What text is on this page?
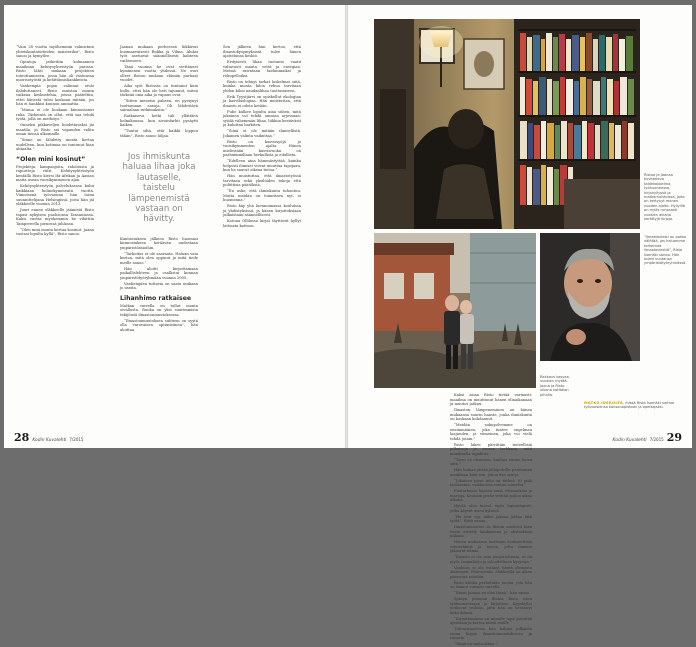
“Vain 28 vuotta myöhemmin valmistuin yhteiskuntatieteiden maisteriksi”, Risto sanoo ja hymyilee.

Opintoja jatkettiin kolmannen maailman kehitysyhteistyön parissa. Risto lähti mukaan projektien toteuttamiseen, jossa hän oli vastuussa nuorisotyöstä ja kehittämishankkeista.

Vanhempia pojan valinnat eivät ilahduttaneet. Risto muistaa monta vaikeaa keskustelua, joissa pääteltiin, ettei hänestä tulisi koskaan mitään, jos hän ei hankkisi kunnon ammattia.

“Minua ei ole koskaan kiinnostanut raha. Tärkeintä on ollut, että saa tehdä työtä, jolla on merkitys.”

Onneksi pikkuveljen hoidettavaksi jäi maatila, ja Risto sai vapauden valita oman tiensä ulkomaille.

“Sinne on lähdetty monta kertaa uudelleen, kun kotimaa on tuntunut liian ahtaalta.”

“Olen mini kosinut”

Projekteja, kampanjoita, rahoitusta ja raportteja riitti. Kehitysyhteistyön kentällä Risto kiersi Itä-Afrikan ja Aasian maita usean vuosikymmenen ajan.

Kehitysyhteistyön palveluksessa kului kaikkiaan kolmekymmentä vuotta. Viimeisenä työvuonna hän toimi suunnittelijana Helsingissä, josta hän jäi eläkkeelle vuonna 2013.

Juuri ennen eläkkeelle jäämistä Risto tapasi nykyisen puolisonsa Tansaniassa. Kaksi vuotta myöhemmin he vihittiin Tampereella pienessä juhlassa.

“Olen mini monta kertaa kosinut. Jaana vastasi lopulta kyllä”, Risto sanoo.

Jaanan mukaan perheessä liikkuvat huomaavaisesti Rukka ja Vilma. Aluksi työt asetuivat säännöllisesti kahteen vaiheeseen.

Tänä vuonna he ovat viettäneet kymmenen vuotta yhdessä. Ne ovat olleet Riston mukaan elämän parhaat vuodet.

Aika syöt Ristosta on tuntunut kuin hullu, ettei hän ole heti tajunnut, miten tärkeää oma aika ja vapaus ovat.

“Sitten menetin puheen, en pystynyt tuottamaan sanoja. Oli lähdettävä sairaalaan tutkimuksiin.”

Ratkaiseva hetki tuli yllättäen helmikuussa, kun aivoinfarkti pysäytti kaiken.

“Tuntui siltä, että kaikki loppuu tähän”, Risto sanoo hiljaa.

Jos ihmiskunta haluaa lihaa joka lautaselle, taistelu lämpenemistä vastaan on hävitty.

Kuntoutuksen jälkeen Risto huomasi kiinnostuksen heräävän uudestaan ympäristöasioihin.

“Tarkoitus ei ole saarnata. Haluan vain kertoa, mitä olen oppinut ja mitä tiede meille sanoo.”

Hän aloitti kirjoittamaan paikallislehteen ja osallistui kunnan ympäristötyöryhmään vuonna 2005.

Vanhempien tuttavia on saatu mukaan jo useita.

Lihanhimo ratkaisee

Matkan varrella on tullut monta oivallusta. Ruoka on yksi suurimmista tekijöistä ilmastonmuutoksessa.

“Ilmastonmuutoksen suhteen on syytä olla varovaisen optimistinen”, hän aloittaa.

Sen jälkeen hän kertoo, että ilmastokysymyksistä tulee hänen ajattelunsa keskiö.

Erityisesti lihan tuotanto vaatii valtavasti maata, vettä ja energiaa. Metsiä raivataan laidunmaiksi ja rehupelloiksi.

Risto on tehnyt tarkat laskelmat siitä, kuinka monta kiloa rehua tarvitaan yhden kilon naudanlihaa tuottamiseen.

Erik Tyystjärvi on opiskellut ekologiaa ja kasvibiologiaa. Hän muistuttaa, että ilmasto ei odota ketään.

Puhe kulkee lopulta aina siihen, mitä jokainen voi tehdä omassa arjessaan: syödä vähemmän lihaa, liikkua kestävästi ja kuluttaa harkiten.

“Siinä ei ole mitään ihmeellistä. Jokainen valinta vaikuttaa.”

Risto on kasvissyöjä jo vuosikymmenten ajalta. Hänen mielestään kasvisruoka on parhaimmillaan herkullista ja edullista.

“Edelleen aina hämmästyttää, kuinka helposti ihmiset voivat muuttaa tapojaan, kun he saavat oikeaa tietoa.”

Hän muistuttaa, että ilmastotyössä tarvitaan sekä yksilöiden tekoja että poliittisia päätöksiä.

“En usko, että ihmiskunta tuhoutuu. Mutta meidän on toimittava nyt, ei huomenna.”

Risto käy yhä luennoimassa kouluissa ja yhdistyksissä, ja hänen kirjoituksiaan julkaistaan säännöllisesti.

Kotona Ollilassa kirjat täyttävät hyllyt lattiasta kattoon.

28 Kodin Kuvalehti 7/2015
Ristoa ja Jaanaa kuvitteleva taidekokoelma, työhuoneessa, kirjahyllyssä ja matkamuistoissa, joita on kertynyt monen vuoden ajalta. Hyllyillä on myös runsaasti vuosien aikana kerättyjä kirjoja.
Rakkaus kasvaa vuosien myötä. Jaana ja Risto ulkona kotitalon pihalla.
“Ilmastoviesti on pakko välittää, jos haluamme tarkentaa ilmastoviestiä”, Risto Isomäki sanoo. Hän toimii kuntansa ympäristötyöryhmässä.
MATKO IDEROLTA, missä Risto Isomäki vaihtoi työvuosiensa kansanopistoon ja opettajaksi.

Kaksi asiaa Risto tietää varmasti: maailma on muuttunut hänen elinaikanaan ja muutos jatkuu.

Ilmaston lämpeneminen on hänen mukaansa suurin haaste, jonka ihmiskunta on koskaan kohdannut.

“Meidän sukupolvemme on ensimmäinen, joka tuntee ongelman laajuuden, ja viimeinen, joka voi vielä tehdä jotain.”

Risto lukee päivittäin tieteellisiä julkaisuja ja seuraa tarkkaan, mitä maailmalla tapahtuu.

“Toivo on olemassa, kunhan emme luovu siitä.”

Hän haluaa jättää jälkipolville paremman maailman kuin sen, johon itse syntyi.

“Jokainen pieni teko on tärkeä. Ei pidä lamaantua, vaikka asia tuntuu suurelta.”

Puutarhassa kasvaa omia vihanneksia ja marjoja. Kesäisin perhe viettää paljon aikaa ulkona.

Hyvää oloa tuovat myös lapsenlapset, jotka käyvät usein kylässä.

“He ovat syy, miksi jaksan jatkaa tätä työtä”, Risto sanoo.

Ilmastonmuutos on Riston mielestä liian usein esitetty kaukaisena ja abstraktina uhkana.

Hänen mukaansa tarvitaan konkreettisia esimerkkejä ja toivoa, jotta ihmiset jaksavat toimia.

“Ilmasto ei ole vain ympäristöasia, se on myös sosiaalinen ja taloudellinen kysymys.”

Vanhuus ei ole estänyt häntä olemasta aktiivinen. Päinvastoin: eläkkeellä on aikaa paneutua asioihin.

Risto kiittää perhettään tuesta, jota hän on saanut vuosien varrella.

“Ilman Jaanaa en olisi tässä”, hän sanoo.

Syksyn pimeinä iltoina Risto istuu työhuoneessaan ja kirjoittaa. Kirjahyllyt notkuvat teoksia, joita hän on kerännyt koko ikänsä.

“Kirjoittaminen on minulle tapa jäsentää ajatuksia ja kertoa niistä muille.”

Tulevaisuudessa hän haluaa julkaista oman kirjan ilmastonmuutoksesta ja ruoasta.

“Tämä on vasta alkua.”

Kodin Kuvalehti 7/2015 29
